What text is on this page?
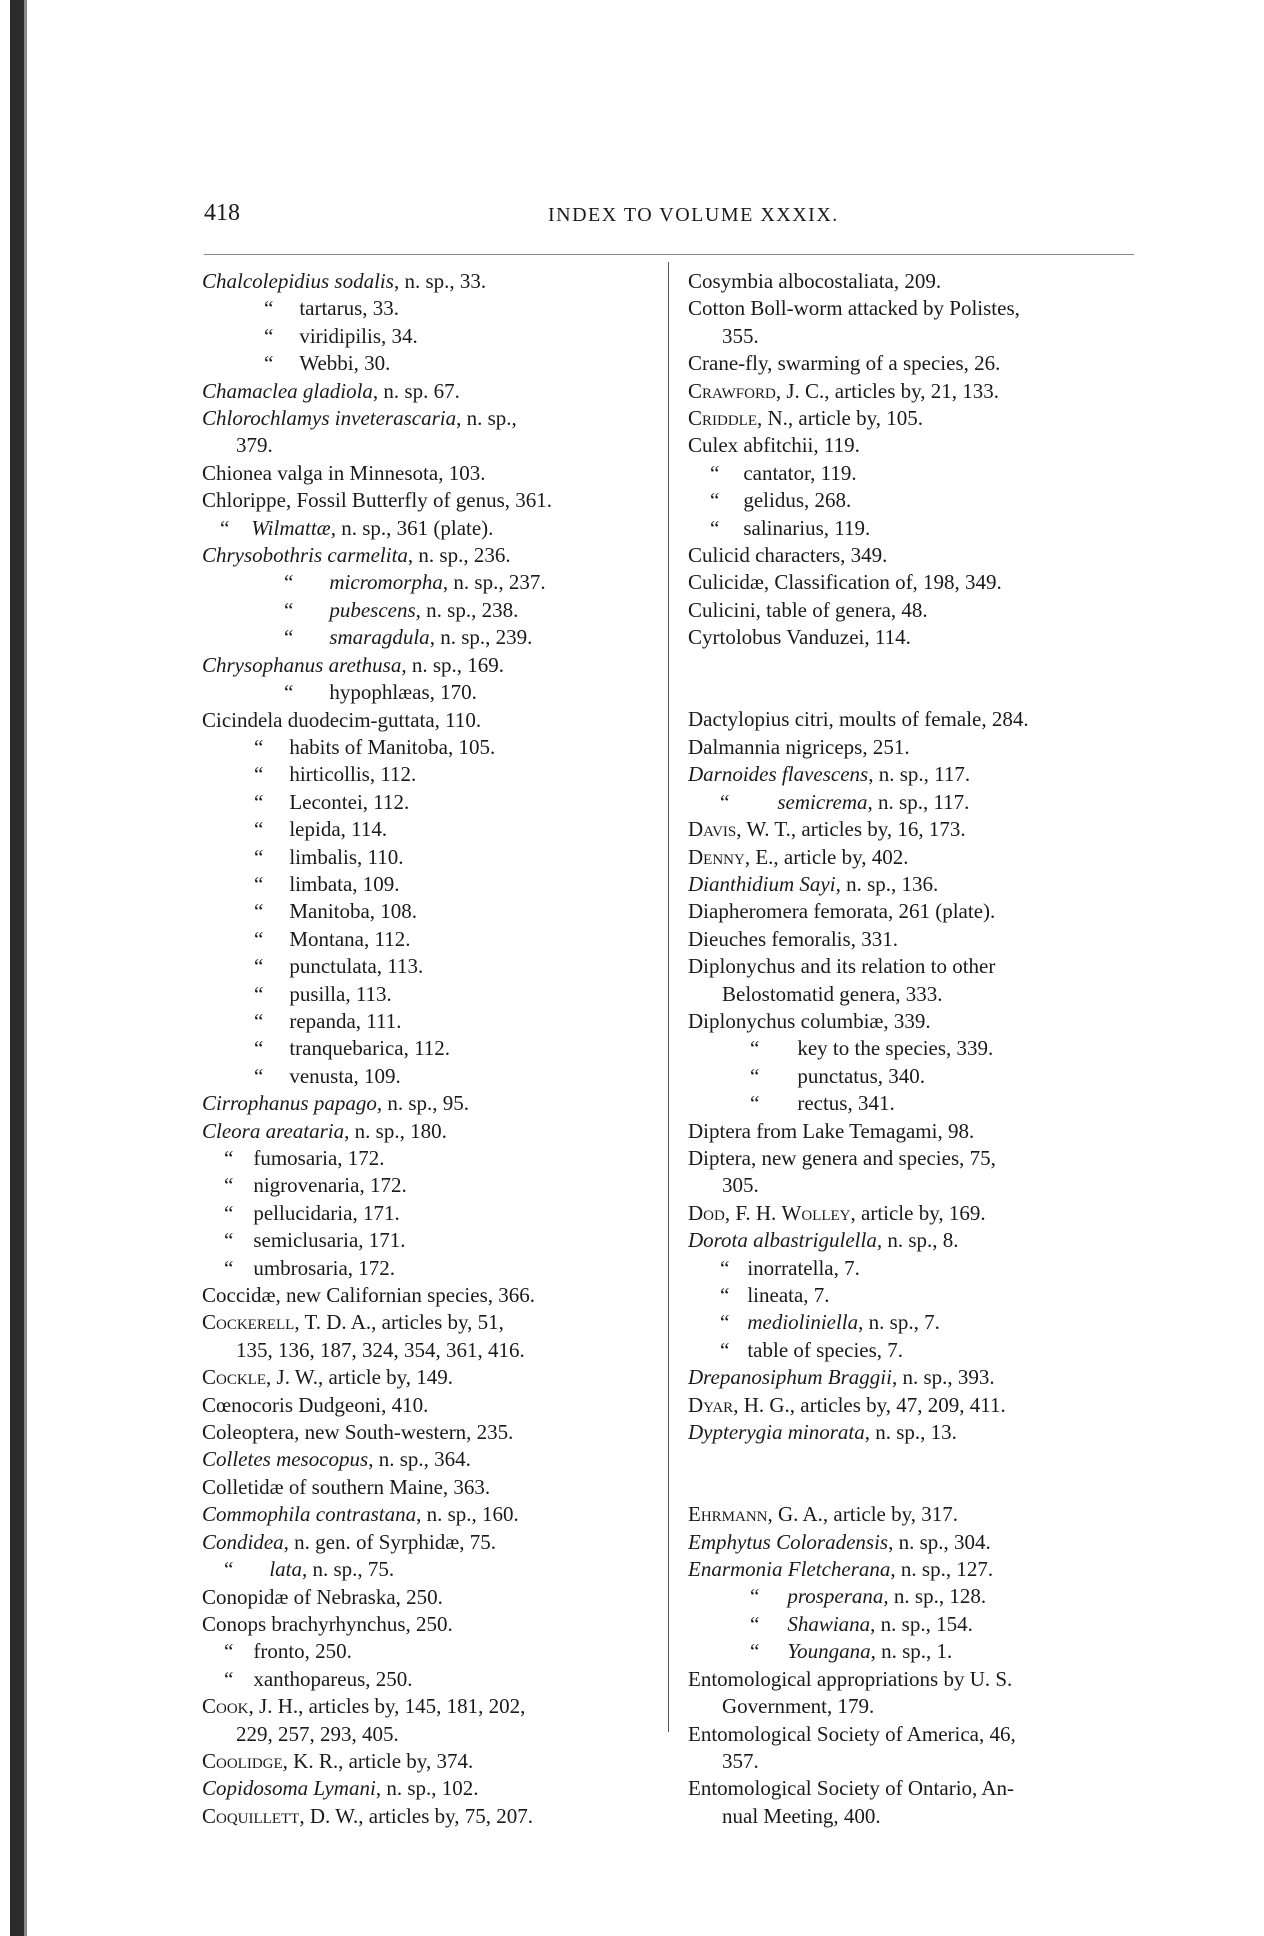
418	INDEX TO VOLUME XXXIX.
Chalcolepidius sodalis, n. sp., 33.
“ tartarus, 33.
“ viridipilis, 34.
“ Webbi, 30.
Chamaclea gladiola, n. sp. 67.
Chlorochlamys inveterascaria, n. sp.,
379.
Chionea valga in Minnesota, 103.
Chlorippe, Fossil Butterfly of genus, 361.
“ Wilmattæ, n. sp., 361 (plate).
Chrysobothris carmelita, n. sp., 236.
“ micromorpha, n. sp., 237.
“ pubescens, n. sp., 238.
“ smaragdula, n. sp., 239.
Chrysophanus arethusa, n. sp., 169.
“ hypophlæas, 170.
Cicindela duodecim-guttata, 110.
“ habits of Manitoba, 105.
“ hirticollis, 112.
“ Lecontei, 112.
“ lepida, 114.
“ limbalis, 110.
“ limbata, 109.
“ Manitoba, 108.
“ Montana, 112.
“ punctulata, 113.
“ pusilla, 113.
“ repanda, 111.
“ tranquebarica, 112.
“ venusta, 109.
Cirrophanus papago, n. sp., 95.
Cleora areataria, n. sp., 180.
“ fumosaria, 172.
“ nigrovenaria, 172.
“ pellucidaria, 171.
“ semiclusaria, 171.
“ umbrosaria, 172.
Coccidæ, new Californian species, 366.
Cockerell, T. D. A., articles by, 51,
135, 136, 187, 324, 354, 361, 416.
Cockle, J. W., article by, 149.
Cœnocoris Dudgeoni, 410.
Coleoptera, new South-western, 235.
Colletes mesocopus, n. sp., 364.
Colletidæ of southern Maine, 363.
Commophila contrastana, n. sp., 160.
Condidea, n. gen. of Syrphidæ, 75.
“ lata, n. sp., 75.
Conopidæ of Nebraska, 250.
Conops brachyrhynchus, 250.
“ fronto, 250.
“ xanthopareus, 250.
Cook, J. H., articles by, 145, 181, 202,
229, 257, 293, 405.
Coolidge, K. R., article by, 374.
Copidosoma Lymani, n. sp., 102.
Coquillett, D. W., articles by, 75, 207.
Cosymbia albocostaliata, 209.
Cotton Boll-worm attacked by Polistes,
355.
Crane-fly, swarming of a species, 26.
Crawford, J. C., articles by, 21, 133.
Criddle, N., article by, 105.
Culex abfitchii, 119.
“ cantator, 119.
“ gelidus, 268.
“ salinarius, 119.
Culicid characters, 349.
Culicidæ, Classification of, 198, 349.
Culicini, table of genera, 48.
Cyrtolobus Vanduzei, 114.
Dactylopius citri, moults of female, 284.
Dalmannia nigriceps, 251.
Darnoides flavescens, n. sp., 117.
“ semicrema, n. sp., 117.
Davis, W. T., articles by, 16, 173.
Denny, E., article by, 402.
Dianthidium Sayi, n. sp., 136.
Diapheromera femorata, 261 (plate).
Dieuches femoralis, 331.
Diplonychus and its relation to other
Belostomatid genera, 333.
Diplonychus columbiæ, 339.
“ key to the species, 339.
“ punctatus, 340.
“ rectus, 341.
Diptera from Lake Temagami, 98.
Diptera, new genera and species, 75,
305.
Dod, F. H. Wolley, article by, 169.
Dorota albastrigulella, n. sp., 8.
“ inorratella, 7.
“ lineata, 7.
“ medioliniella, n. sp., 7.
“ table of species, 7.
Drepanosiphum Braggii, n. sp., 393.
Dyar, H. G., articles by, 47, 209, 411.
Dypterygia minorata, n. sp., 13.
Ehrmann, G. A., article by, 317.
Emphytus Coloradensis, n. sp., 304.
Enarmonia Fletcherana, n. sp., 127.
“ prosperana, n. sp., 128.
“ Shawiana, n. sp., 154.
“ Youngana, n. sp., 1.
Entomological appropriations by U. S.
Government, 179.
Entomological Society of America, 46,
357.
Entomological Society of Ontario, An-
nual Meeting, 400.
